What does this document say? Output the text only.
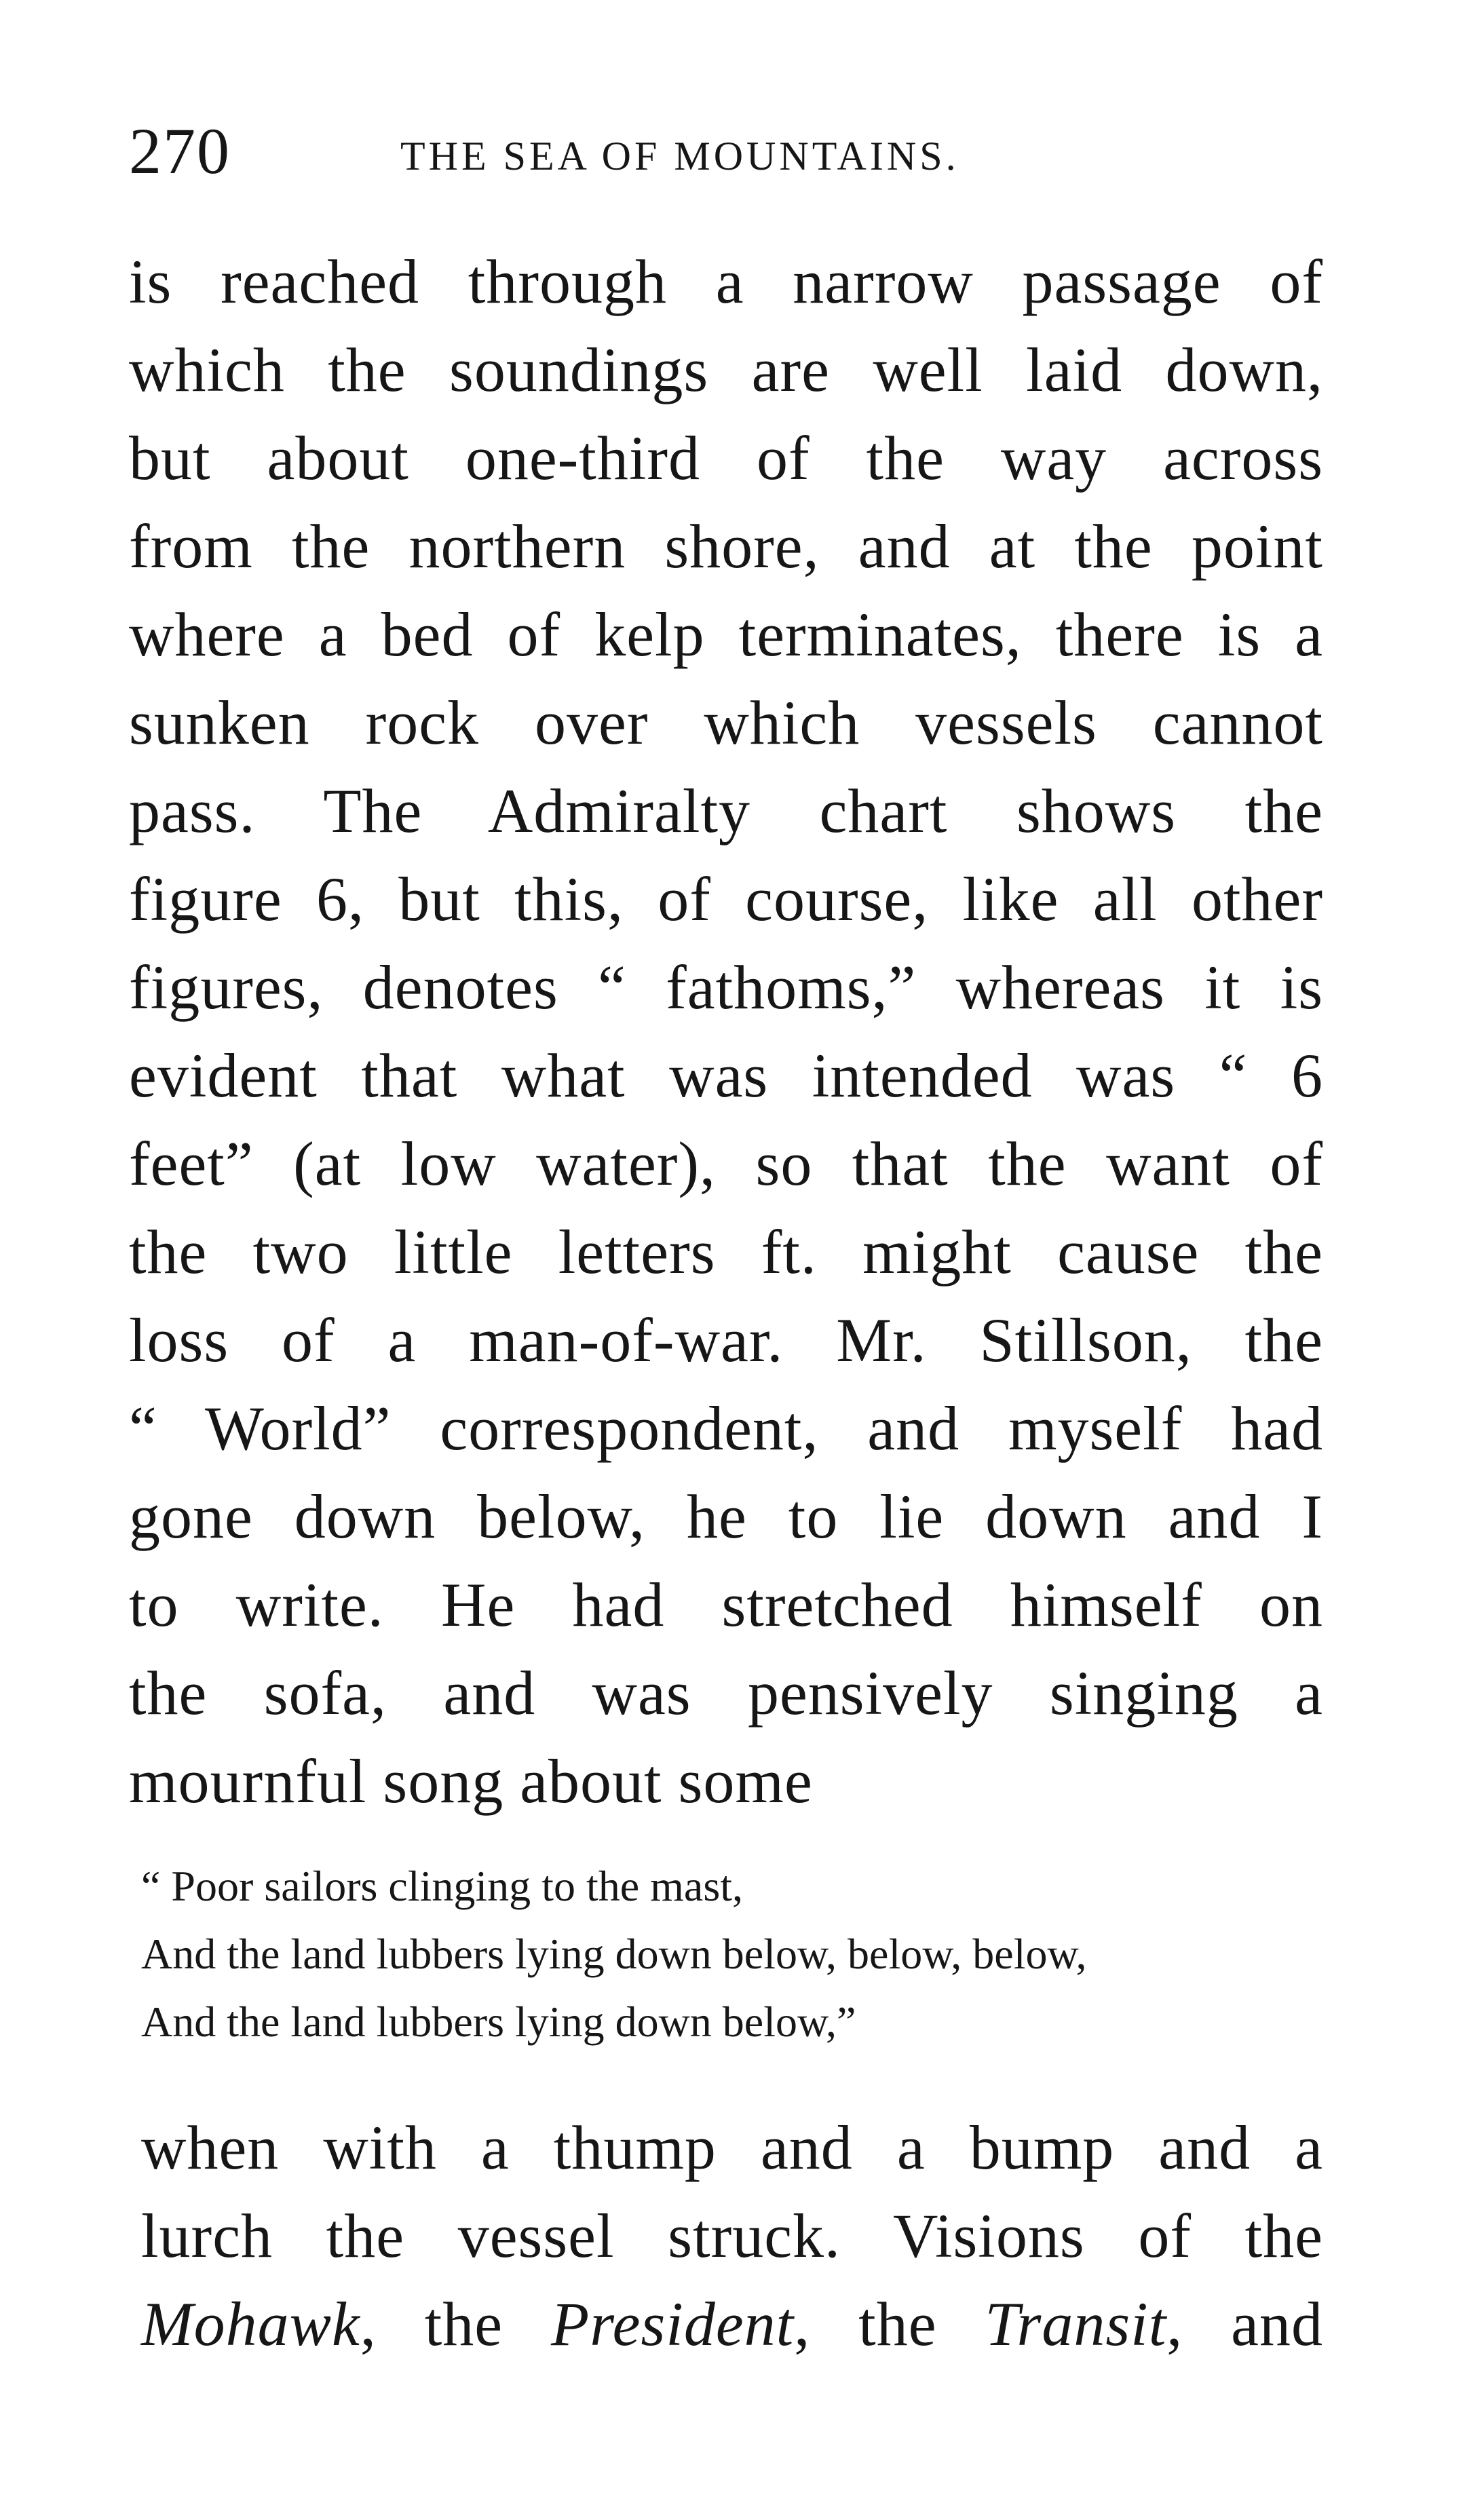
270	THE SEA OF MOUNTAINS.
is reached through a narrow passage of
which the soundings are well laid down,
but about one-third of the way across
from the northern shore, and at the point
where a bed of kelp terminates, there is a
sunken rock over which vessels cannot
pass. The Admiralty chart shows the
figure 6, but this, of course, like all other
figures, denotes “ fathoms,” whereas it is
evident that what was intended was “ 6
feet” (at low water), so that the want of
the two little letters ft. might cause the
loss of a man-of-war. Mr. Stillson, the
“ World” correspondent, and myself had
gone down below, he to lie down and I
to write. He had stretched himself on
the sofa, and was pensively singing a
mournful song about some
“ Poor sailors clinging to the mast,
And the land lubbers lying down below, below, below,
And the land lubbers lying down below,”
when with a thump and a bump and a
lurch the vessel struck. Visions of the
Mohawk, the President, the Transit, and
